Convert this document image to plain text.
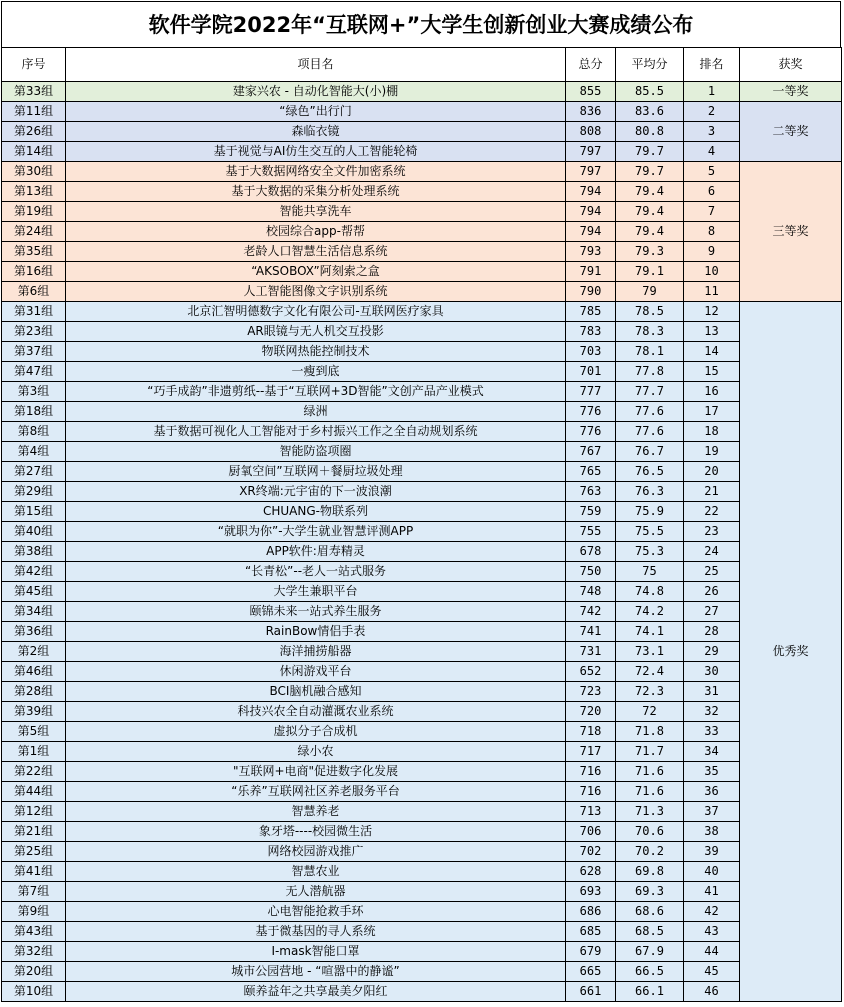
软件学院2022年“互联网+”大学生创新创业大赛成绩公布
序号	项目名	总分	平均分	排名	获奖
第33组	建家兴农 - 自动化智能大(小)棚	855	85.5	1	一等奖
第11组	“绿色”出行门	836	83.6	2	二等奖
第26组	森临衣镜	808	80.8	3	
第14组	基于视觉与AI仿生交互的人工智能轮椅	797	79.7	4	
第30组	基于大数据网络安全文件加密系统	797	79.7	5	三等奖
第13组	基于大数据的采集分析处理系统	794	79.4	6	
第19组	智能共享洗车	794	79.4	7	
第24组	校园综合app-帮帮	794	79.4	8	
第35组	老龄人口智慧生活信息系统	793	79.3	9	
第16组	“AKSOBOX”阿刻索之盒	791	79.1	10	
第6组	人工智能图像文字识别系统	790	79	11	
第31组	北京汇智明德数字文化有限公司-互联网医疗家具	785	78.5	12	优秀奖
第23组	AR眼镜与无人机交互投影	783	78.3	13	
第37组	物联网热能控制技术	703	78.1	14	
第47组	一瘦到底	701	77.8	15	
第3组	“巧手成韵”非遗剪纸--基于“互联网+3D智能”文创产品产业模式	777	77.7	16	
第18组	绿洲	776	77.6	17	
第8组	基于数据可视化人工智能对于乡村振兴工作之全自动规划系统	776	77.6	18	
第4组	智能防盗项圈	767	76.7	19	
第27组	厨氧空间”互联网＋餐厨垃圾处理	765	76.5	20	
第29组	XR终端:元宇宙的下一波浪潮	763	76.3	21	
第15组	CHUANG-物联系列	759	75.9	22	
第40组	“就职为你”-大学生就业智慧评测APP	755	75.5	23	
第38组	APP软件:眉寿精灵	678	75.3	24	
第42组	“长青松”--老人一站式服务	750	75	25	
第45组	大学生兼职平台	748	74.8	26	
第34组	颐锦未来一站式养生服务	742	74.2	27	
第36组	RainBow情侣手表	741	74.1	28	
第2组	海洋捕捞船器	731	73.1	29	
第46组	休闲游戏平台	652	72.4	30	
第28组	BCI脑机融合感知	723	72.3	31	
第39组	科技兴农全自动灌溉农业系统	720	72	32	
第5组	虚拟分子合成机	718	71.8	33	
第1组	绿小农	717	71.7	34	
第22组	"互联网+电商"促进数字化发展	716	71.6	35	
第44组	“乐养”互联网社区养老服务平台	716	71.6	36	
第12组	智慧养老	713	71.3	37	
第21组	象牙塔----校园微生活	706	70.6	38	
第25组	网络校园游戏推广	702	70.2	39	
第41组	智慧农业	628	69.8	40	
第7组	无人潜航器	693	69.3	41	
第9组	心电智能抢救手环	686	68.6	42	
第43组	基于微基因的寻人系统	685	68.5	43	
第32组	I-mask智能口罩	679	67.9	44	
第20组	城市公园营地 - “喧嚣中的静谧”	665	66.5	45	
第10组	颐养益年之共享最美夕阳红	661	66.1	46	
